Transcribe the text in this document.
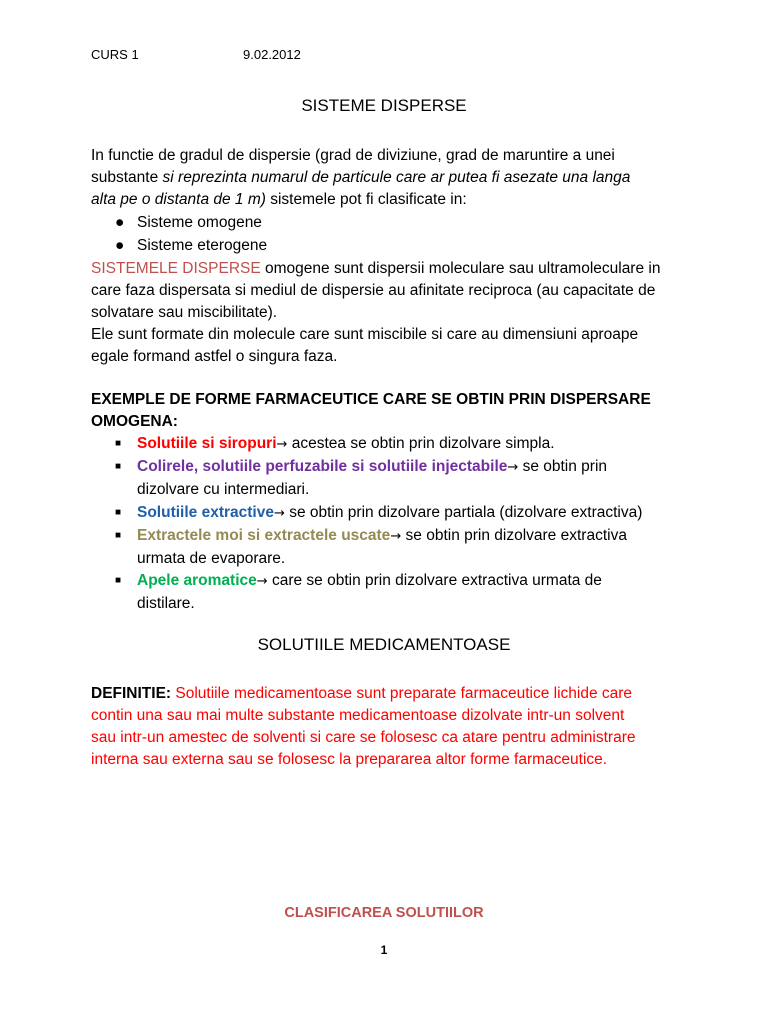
CURS 1	9.02.2012
SISTEME DISPERSE

In functie de gradul de dispersie (grad de diviziune, grad de maruntire a unei

substante si reprezinta numarul de particule care ar putea fi asezate una langa

alta pe o distanta de 1 m) sistemele pot fi clasificate in:

● Sisteme omogene
● Sisteme eterogene

SISTEMELE DISPERSE omogene sunt dispersii moleculare sau ultramoleculare in

care faza dispersata si mediul de dispersie au afinitate reciproca (au capacitate de

solvatare sau miscibilitate).

Ele sunt formate din molecule care sunt miscibile si care au dimensiuni aproape

egale formand astfel o singura faza.

EXEMPLE DE FORME FARMACEUTICE CARE SE OBTIN PRIN DISPERSARE

OMOGENA:

■ Solutiile si siropuri→ acestea se obtin prin dizolvare simpla.
■ Colirele, solutiile perfuzabile si solutiile injectabile→ se obtin prin
dizolvare cu intermediari.
■ Solutiile extractive→ se obtin prin dizolvare partiala (dizolvare extractiva)
■ Extractele moi si extractele uscate→ se obtin prin dizolvare extractiva
urmata de evaporare.
■ Apele aromatice→ care se obtin prin dizolvare extractiva urmata de
distilare.
SOLUTIILE MEDICAMENTOASE

DEFINITIE: Solutiile medicamentoase sunt preparate farmaceutice lichide care

contin una sau mai multe substante medicamentoase dizolvate intr-un solvent

sau intr-un amestec de solventi si care se folosesc ca atare pentru administrare

interna sau externa sau se folosesc la prepararea altor forme farmaceutice.

CLASIFICAREA SOLUTIILOR
1
